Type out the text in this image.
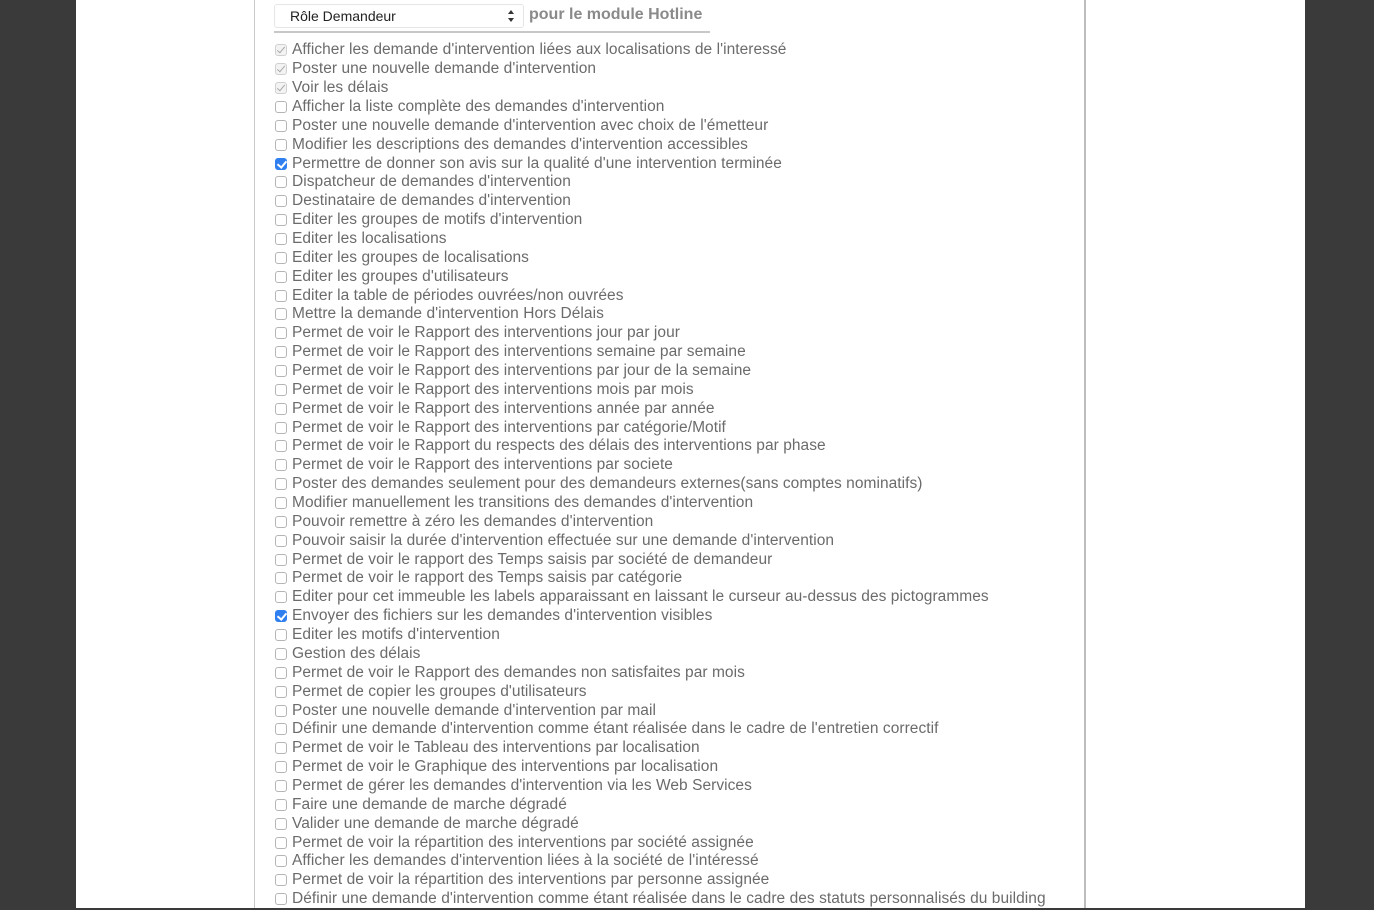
Rôle Demandeur	pour le module Hotline
Afficher les demande d'intervention liées aux localisations de l'interessé
Poster une nouvelle demande d'intervention
Voir les délais
Afficher la liste complète des demandes d'intervention
Poster une nouvelle demande d'intervention avec choix de l'émetteur
Modifier les descriptions des demandes d'intervention accessibles
Permettre de donner son avis sur la qualité d'une intervention terminée
Dispatcheur de demandes d'intervention
Destinataire de demandes d'intervention
Editer les groupes de motifs d'intervention
Editer les localisations
Editer les groupes de localisations
Editer les groupes d'utilisateurs
Editer la table de périodes ouvrées/non ouvrées
Mettre la demande d'intervention Hors Délais
Permet de voir le Rapport des interventions jour par jour
Permet de voir le Rapport des interventions semaine par semaine
Permet de voir le Rapport des interventions par jour de la semaine
Permet de voir le Rapport des interventions mois par mois
Permet de voir le Rapport des interventions année par année
Permet de voir le Rapport des interventions par catégorie/Motif
Permet de voir le Rapport du respects des délais des interventions par phase
Permet de voir le Rapport des interventions par societe
Poster des demandes seulement pour des demandeurs externes(sans comptes nominatifs)
Modifier manuellement les transitions des demandes d'intervention
Pouvoir remettre à zéro les demandes d'intervention
Pouvoir saisir la durée d'intervention effectuée sur une demande d'intervention
Permet de voir le rapport des Temps saisis par société de demandeur
Permet de voir le rapport des Temps saisis par catégorie
Editer pour cet immeuble les labels apparaissant en laissant le curseur au-dessus des pictogrammes
Envoyer des fichiers sur les demandes d'intervention visibles
Editer les motifs d'intervention
Gestion des délais
Permet de voir le Rapport des demandes non satisfaites par mois
Permet de copier les groupes d'utilisateurs
Poster une nouvelle demande d'intervention par mail
Définir une demande d'intervention comme étant réalisée dans le cadre de l'entretien correctif
Permet de voir le Tableau des interventions par localisation
Permet de voir le Graphique des interventions par localisation
Permet de gérer les demandes d'intervention via les Web Services
Faire une demande de marche dégradé
Valider une demande de marche dégradé
Permet de voir la répartition des interventions par société assignée
Afficher les demandes d'intervention liées à la société de l'intéressé
Permet de voir la répartition des interventions par personne assignée
Définir une demande d'intervention comme étant réalisée dans le cadre des statuts personnalisés du building
